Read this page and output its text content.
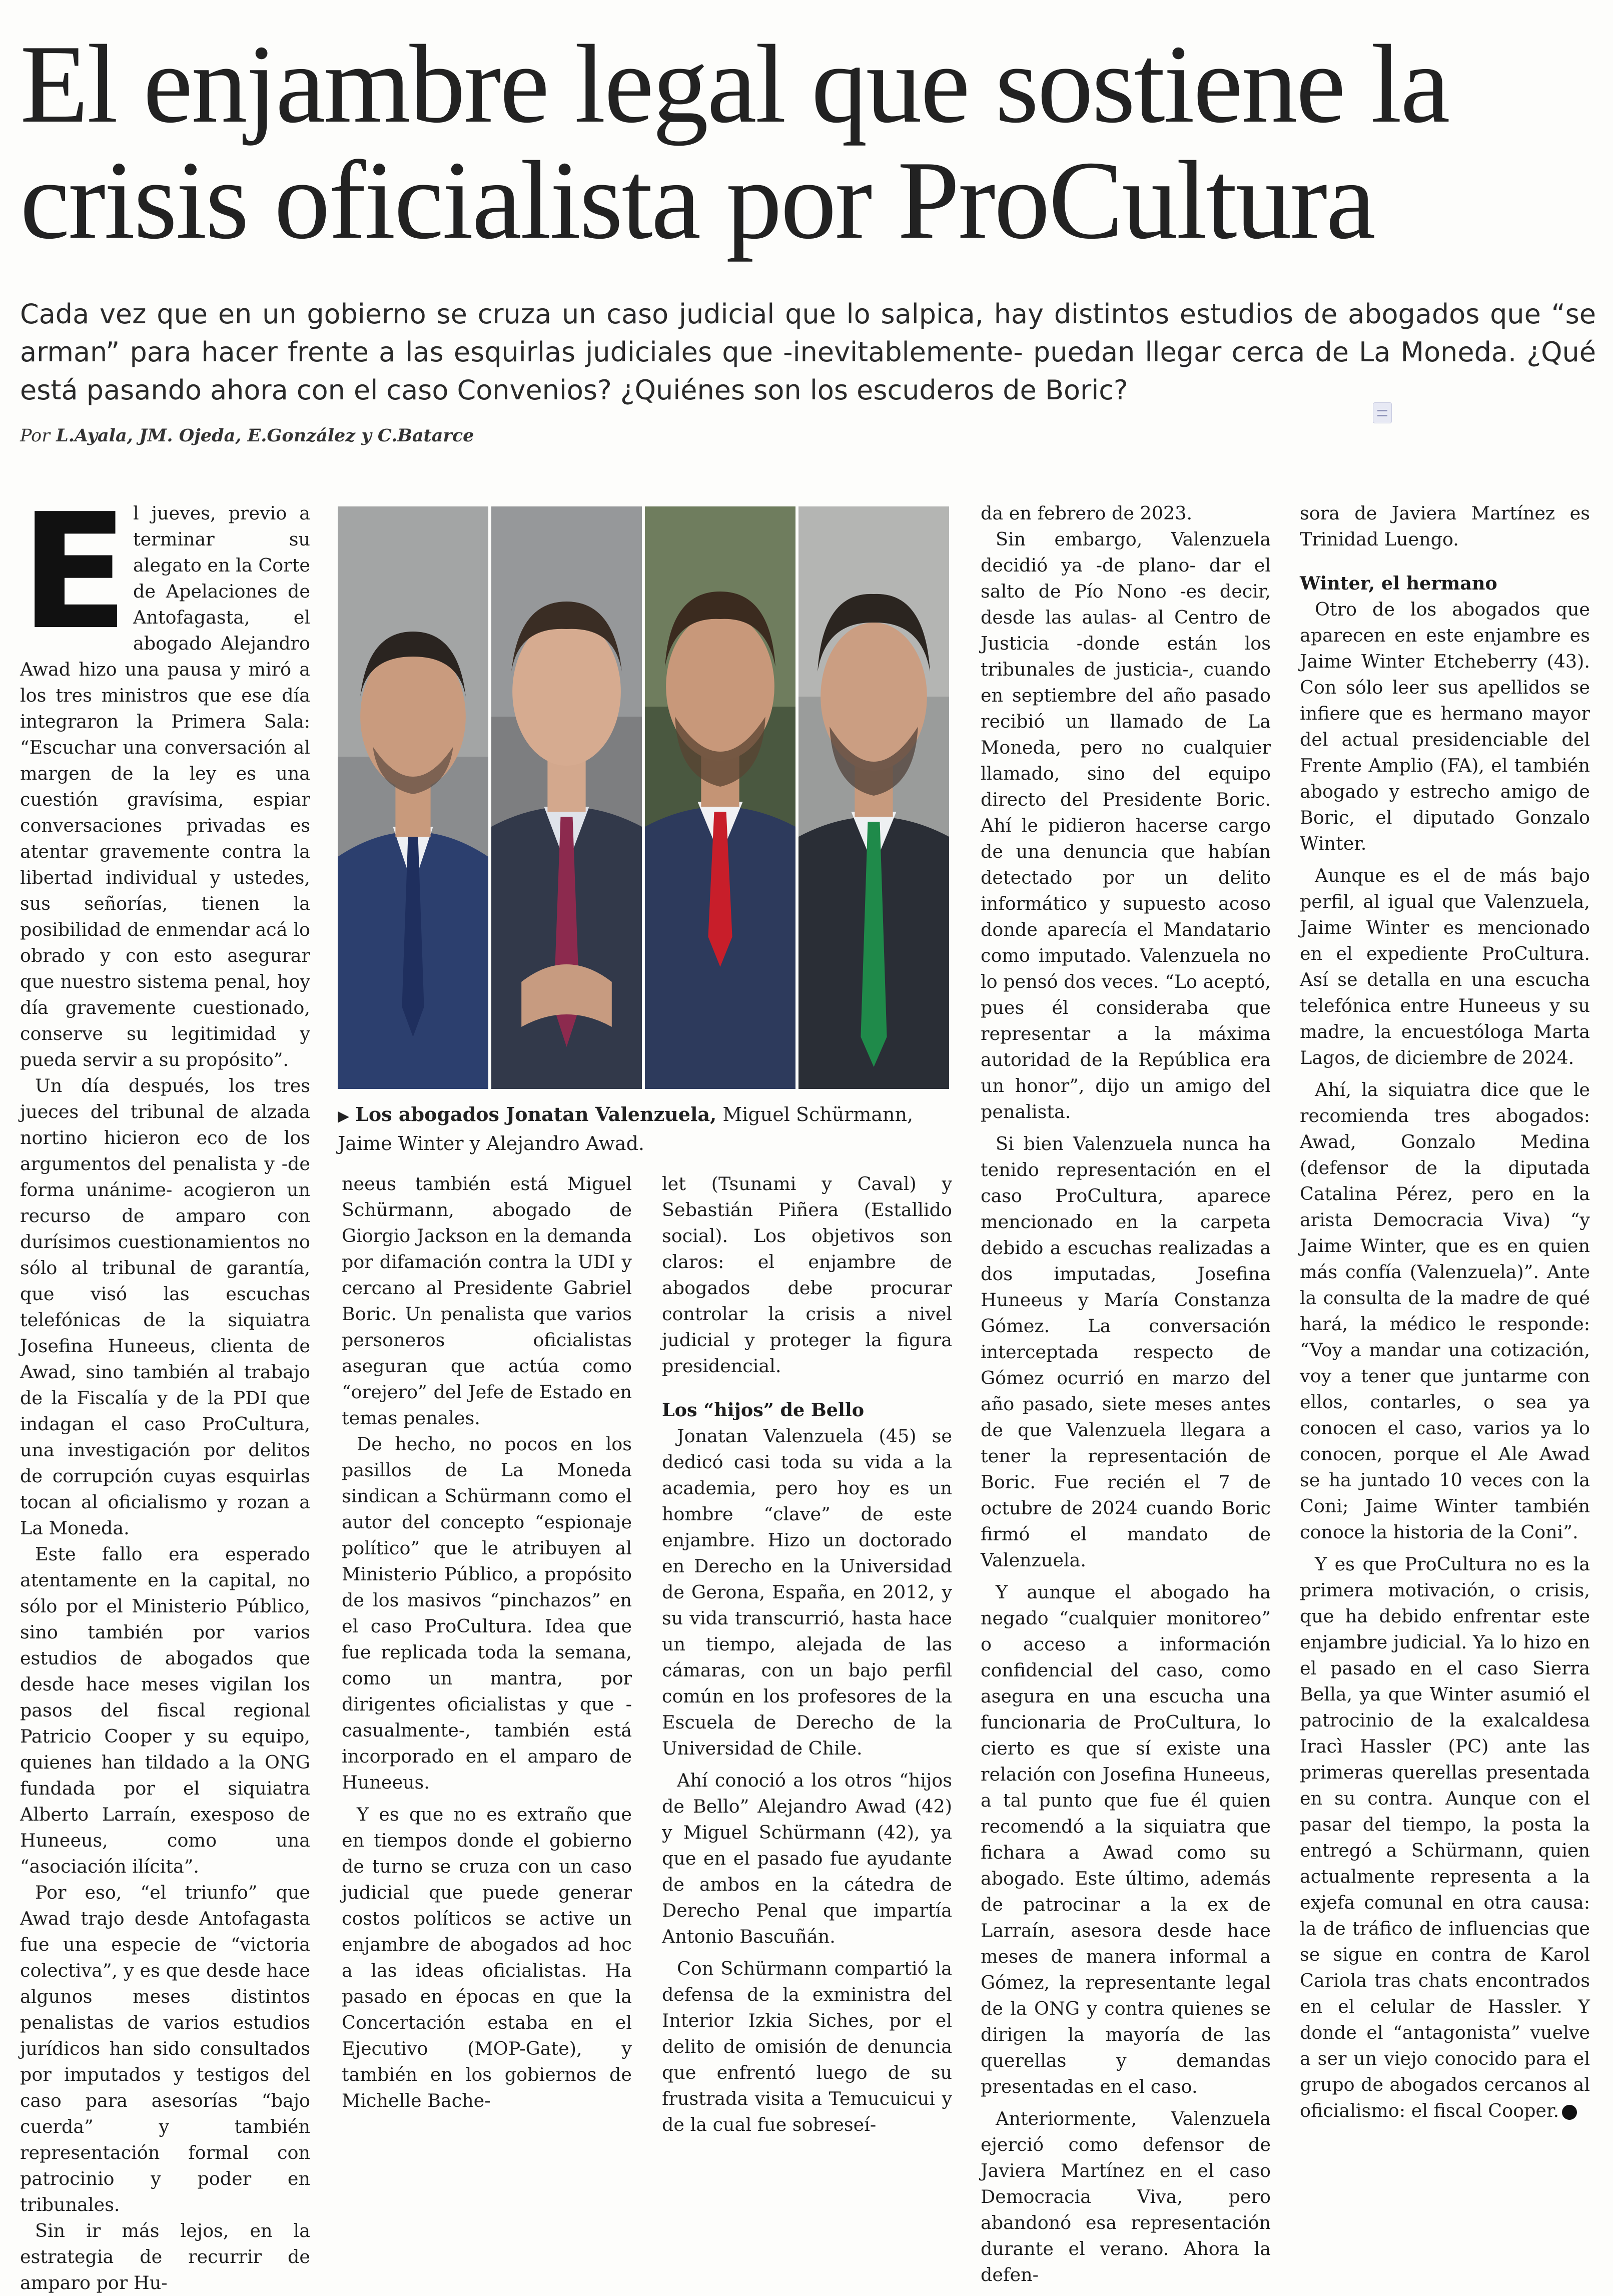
El enjambre legal que sostiene la crisis oficialista por ProCultura

Cada vez que en un gobierno se cruza un caso judicial que lo salpica, hay distintos estudios de abogados que “se arman” para hacer frente a las esquirlas judiciales que -inevitablemente- puedan llegar cerca de La Moneda. ¿Qué está pasando ahora con el caso Convenios? ¿Quiénes son los escuderos de Boric?

Por L.Ayala, JM. Ojeda, E.González y C.Batarce
E l jueves, previo a terminar su alegato en la Corte de Apelaciones de Antofagasta, el abogado Alejandro Awad hizo una pausa y miró a los tres ministros que ese día integraron la Primera Sala: “Escuchar una conversación al margen de la ley es una cuestión gravísima, espiar conversaciones privadas es atentar gravemente contra la libertad individual y ustedes, sus señorías, tienen la posibilidad de enmendar acá lo obrado y con esto asegurar que nuestro sistema penal, hoy día gravemente cuestionado, conserve su legitimidad y pueda servir a su propósito”.

Un día después, los tres jueces del tribunal de alzada nortino hicieron eco de los argumentos del penalista y -de forma unánime- acogieron un recurso de amparo con durísimos cuestionamientos no sólo al tribunal de garantía, que visó las escuchas telefónicas de la siquiatra Josefina Huneeus, clienta de Awad, sino también al trabajo de la Fiscalía y de la PDI que indagan el caso ProCultura, una investigación por delitos de corrupción cuyas esquirlas tocan al oficialismo y rozan a La Moneda.

Este fallo era esperado atentamente en la capital, no sólo por el Ministerio Público, sino también por varios estudios de abogados que desde hace meses vigilan los pasos del fiscal regional Patricio Cooper y su equipo, quienes han tildado a la ONG fundada por el siquiatra Alberto Larraín, exesposo de Huneeus, como una “asociación ilícita”.

Por eso, “el triunfo” que Awad trajo desde Antofagasta fue una especie de “victoria colectiva”, y es que desde hace algunos meses distintos penalistas de varios estudios jurídicos han sido consultados por imputados y testigos del caso para asesorías “bajo cuerda” y también representación formal con patrocinio y poder en tribunales.

Sin ir más lejos, en la estrategia de recurrir de amparo por Hu-

▶ Los abogados Jonatan Valenzuela, Miguel Schürmann, Jaime Winter y Alejandro Awad.

neeus también está Miguel Schürmann, abogado de Giorgio Jackson en la demanda por difamación contra la UDI y cercano al Presidente Gabriel Boric. Un penalista que varios personeros oficialistas aseguran que actúa como “orejero” del Jefe de Estado en temas penales.

De hecho, no pocos en los pasillos de La Moneda sindican a Schürmann como el autor del concepto “espionaje político” que le atribuyen al Ministerio Público, a propósito de los masivos “pinchazos” en el caso ProCultura. Idea que fue replicada toda la semana, como un mantra, por dirigentes oficialistas y que -casualmente-, también está incorporado en el amparo de Huneeus.

Y es que no es extraño que en tiempos donde el gobierno de turno se cruza con un caso judicial que puede generar costos políticos se active un enjambre de abogados ad hoc a las ideas oficialistas. Ha pasado en épocas en que la Concertación estaba en el Ejecutivo (MOP-Gate), y también en los gobiernos de Michelle Bache-

let (Tsunami y Caval) y Sebastián Piñera (Estallido social). Los objetivos son claros: el enjambre de abogados debe procurar controlar la crisis a nivel judicial y proteger la figura presidencial.

Los “hijos” de Bello

Jonatan Valenzuela (45) se dedicó casi toda su vida a la academia, pero hoy es un hombre “clave” de este enjambre. Hizo un doctorado en Derecho en la Universidad de Gerona, España, en 2012, y su vida transcurrió, hasta hace un tiempo, alejada de las cámaras, con un bajo perfil común en los profesores de la Escuela de Derecho de la Universidad de Chile.

Ahí conoció a los otros “hijos de Bello” Alejandro Awad (42) y Miguel Schürmann (42), ya que en el pasado fue ayudante de ambos en la cátedra de Derecho Penal que impartía Antonio Bascuñán.

Con Schürmann compartió la defensa de la exministra del Interior Izkia Siches, por el delito de omisión de denuncia que enfrentó luego de su frustrada visita a Temucuicui y de la cual fue sobreseí-

da en febrero de 2023.

Sin embargo, Valenzuela decidió ya -de plano- dar el salto de Pío Nono -es decir, desde las aulas- al Centro de Justicia -donde están los tribunales de justicia-, cuando en septiembre del año pasado recibió un llamado de La Moneda, pero no cualquier llamado, sino del equipo directo del Presidente Boric. Ahí le pidieron hacerse cargo de una denuncia que habían detectado por un delito informático y supuesto acoso donde aparecía el Mandatario como imputado. Valenzuela no lo pensó dos veces. “Lo aceptó, pues él consideraba que representar a la máxima autoridad de la República era un honor”, dijo un amigo del penalista.

Si bien Valenzuela nunca ha tenido representación en el caso ProCultura, aparece mencionado en la carpeta debido a escuchas realizadas a dos imputadas, Josefina Huneeus y María Constanza Gómez. La conversación interceptada respecto de Gómez ocurrió en marzo del año pasado, siete meses antes de que Valenzuela llegara a tener la representación de Boric. Fue recién el 7 de octubre de 2024 cuando Boric firmó el mandato de Valenzuela.

Y aunque el abogado ha negado “cualquier monitoreo” o acceso a información confidencial del caso, como asegura en una escucha una funcionaria de ProCultura, lo cierto es que sí existe una relación con Josefina Huneeus, a tal punto que fue él quien recomendó a la siquiatra que fichara a Awad como su abogado. Este último, además de patrocinar a la ex de Larraín, asesora desde hace meses de manera informal a Gómez, la representante legal de la ONG y contra quienes se dirigen la mayoría de las querellas y demandas presentadas en el caso.

Anteriormente, Valenzuela ejerció como defensor de Javiera Martínez en el caso Democracia Viva, pero abandonó esa representación durante el verano. Ahora la defen-

sora de Javiera Martínez es Trinidad Luengo.

Winter, el hermano

Otro de los abogados que aparecen en este enjambre es Jaime Winter Etcheberry (43). Con sólo leer sus apellidos se infiere que es hermano mayor del actual presidenciable del Frente Amplio (FA), el también abogado y estrecho amigo de Boric, el diputado Gonzalo Winter.

Aunque es el de más bajo perfil, al igual que Valenzuela, Jaime Winter es mencionado en el expediente ProCultura. Así se detalla en una escucha telefónica entre Huneeus y su madre, la encuestóloga Marta Lagos, de diciembre de 2024.

Ahí, la siquiatra dice que le recomienda tres abogados: Awad, Gonzalo Medina (defensor de la diputada Catalina Pérez, pero en la arista Democracia Viva) “y Jaime Winter, que es en quien más confía (Valenzuela)”. Ante la consulta de la madre de qué hará, la médico le responde: “Voy a mandar una cotización, voy a tener que juntarme con ellos, contarles, o sea ya conocen el caso, varios ya lo conocen, porque el Ale Awad se ha juntado 10 veces con la Coni; Jaime Winter también conoce la historia de la Coni”.

Y es que ProCultura no es la primera motivación, o crisis, que ha debido enfrentar este enjambre judicial. Ya lo hizo en el pasado en el caso Sierra Bella, ya que Winter asumió el patrocinio de la exalcaldesa Iracì Hassler (PC) ante las primeras querellas presentada en su contra. Aunque con el pasar del tiempo, la posta la entregó a Schürmann, quien actualmente representa a la exjefa comunal en otra causa: la de tráfico de influencias que se sigue en contra de Karol Cariola tras chats encontrados en el celular de Hassler. Y donde el “antagonista” vuelve a ser un viejo conocido para el grupo de abogados cercanos al oficialismo: el fiscal Cooper.
